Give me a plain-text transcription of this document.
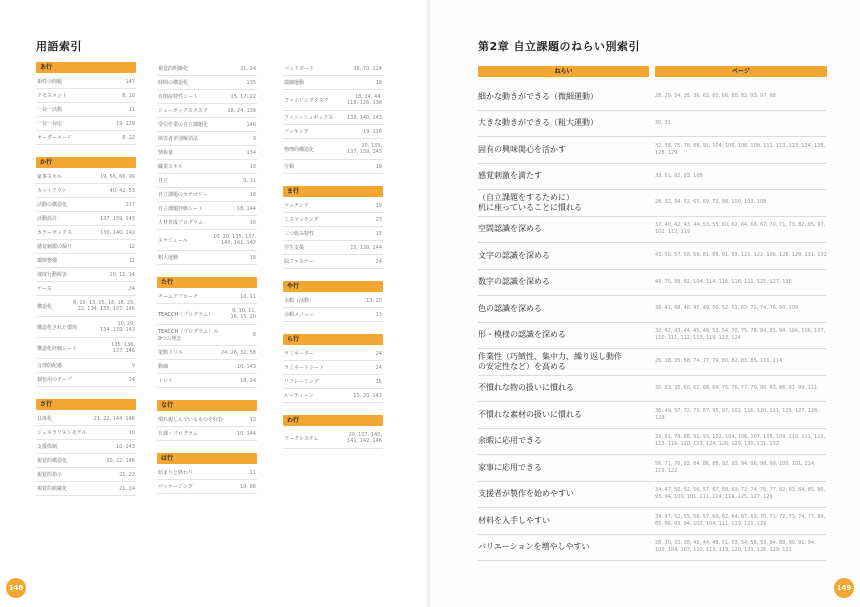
用語索引
あ行
相性の問題	147
アセスメント	8, 10
一対一活動	11
一対一対応	19, 129
オーダーメード	8, 22
か行
家事スキル	19, 56, 66, 99
カットアウト	40, 42, 53
活動の構造化	137
活動設計	137, 139, 143
カラーボックス	130, 140, 142
感覚刺激の偏り	12
環境整備	12
強度行動障害	10, 11, 14
ケース	24
構造化
8, 10, 13, 15, 16, 18, 20,
22, 134, 135, 137, 146
構造化された環境
10, 20,
134, 139, 143
構造化評価シート
135, 136,
137, 146
合理的配慮	9
個包用のテープ	24
さ行
具体化	21, 22, 144, 146
ジェネラリストモデル	10
支援体制	10, 143
視覚的構造化	20, 22, 146
視覚的指示	21, 22
視覚的組織化	21, 24
視覚的明瞭化	21, 24
時間の構造化	135
自閉症特性シート	15, 17, 22
シューボックスタスク	18, 24, 139
受信作業の自立課題化	146
障害者差別解消法	9
情報量	134
職業スキル	13
自立	9, 11
自立課題のカテゴリー	18
自立課題評価シート	18, 144
人材育成プログラム	10
スケジュール
10, 20, 135, 137,
140, 141, 142
粗大運動	19
た行
チームアプローチ	10, 11
TEACCH（プログラム）
8, 10, 11,
16, 15, 20
TEACCH（プログラム）の
9つの理念
8
電動ドリル	24, 26, 32, 58
動線	10, 143
トレイ	18, 24
な行
慣れ親しんでいるものを好む	13
日課・プログラム	10, 144
は行
始まりと終わり	11
パッケージング	19, 86
バンドボード	36, 70, 124
微細運動	19
ファイリングタスク
18, 24, 44,
116, 126, 138
フィニッシュボックス	138, 140, 143
ブッキング	19, 116
物理的構造化
20, 135,
137, 139, 143
分類	19
ま行
マッチング	19
ミスマッチング	23
三つ組み特性	15
学生支援	15, 139, 144
面ファスナー	24
や行
余暇（活動）	13, 20
余暇メニュー	13
ら行
ラミネーター	24
ラミネートシート	24
リフレーミング	15
ルーティーン	15, 20, 143
わ行
ワークシステム
20, 137, 140,
141, 142, 146
第2章 自立課題のねらい別索引
ねらい	ページ
細かな動きができる（微細運動）	28, 29, 34, 35, 36, 62, 63, 66, 80, 82, 93, 97, 98
大きな動きができる（粗大運動）	30, 31
固有の興味関心を活かす	32, 38, 75, 78, 88, 91, 104, 106, 108, 109, 111, 113, 123, 124, 126, 128, 129
感覚刺激を満たす	33, 51, 82, 83, 108
（自立課題をするために）
机に座っていることに慣れる
28, 32, 34, 52, 65, 69, 72, 98, 100, 103, 108
空間認識を深める	37, 40, 42, 43, 44, 53, 55, 60, 62, 64, 66, 67, 70, 71, 73, 82, 95, 97, 102, 112, 119
文字の認識を深める	43, 50, 57, 58, 59, 81, 88, 91, 93, 120, 122, 126, 128, 129, 131, 132
数字の認識を深める	49, 75, 88, 92, 104, 114, 116, 118, 121, 125, 127, 130
色の認識を深める	38, 41, 48, 46, 47, 49, 50, 52, 53, 62, 72, 74, 76, 90, 109
形・模様の認識を深める	32, 42, 43, 44, 45, 48, 53, 54, 70, 75, 78, 84, 85, 94, 104, 106, 107, 110, 111, 112, 113, 119, 123, 124
作業性（巧緻性、集中力、繰り返し動作
の安定性など）を高める
26, 28, 35, 68, 74, 77, 79, 80, 82, 83, 85, 111, 114
不慣れな物の扱いに慣れる	30, 33, 35, 60, 62, 68, 69, 75, 76, 77, 79, 80, 83, 86, 91, 99, 111
不慣れな素材の扱いに慣れる	36, 49, 57, 72, 73, 87, 95, 97, 102, 116, 120, 121, 125, 127, 128, 129
余暇に応用できる	32, 51, 78, 88, 91, 93, 102, 104, 106, 107, 108, 109, 110, 111, 112, 113, 116, 120, 123, 124, 126, 129, 130, 131, 132
家事に応用できる	56, 71, 76, 82, 84, 86, 88, 92, 93, 94, 96, 98, 99, 100, 101, 114, 119, 122
支援者が製作を始めやすい	34, 47, 50, 52, 56, 57, 67, 68, 69, 72, 74, 76, 77, 82, 83, 84, 85, 86, 93, 94, 100, 101, 111, 114, 119, 125, 127, 129
材料を入手しやすい	34, 47, 52, 55, 56, 57, 60, 62, 64, 67, 69, 70, 71, 72, 73, 74, 77, 84, 85, 86, 93, 94, 102, 104, 111, 119, 121, 129
バリエーションを増やしやすい	28, 30, 32, 38, 43, 44, 48, 51, 53, 54, 58, 59, 84, 88, 90, 91, 94, 102, 104, 107, 110, 113, 119, 120, 123, 126, 129, 131
148	149
